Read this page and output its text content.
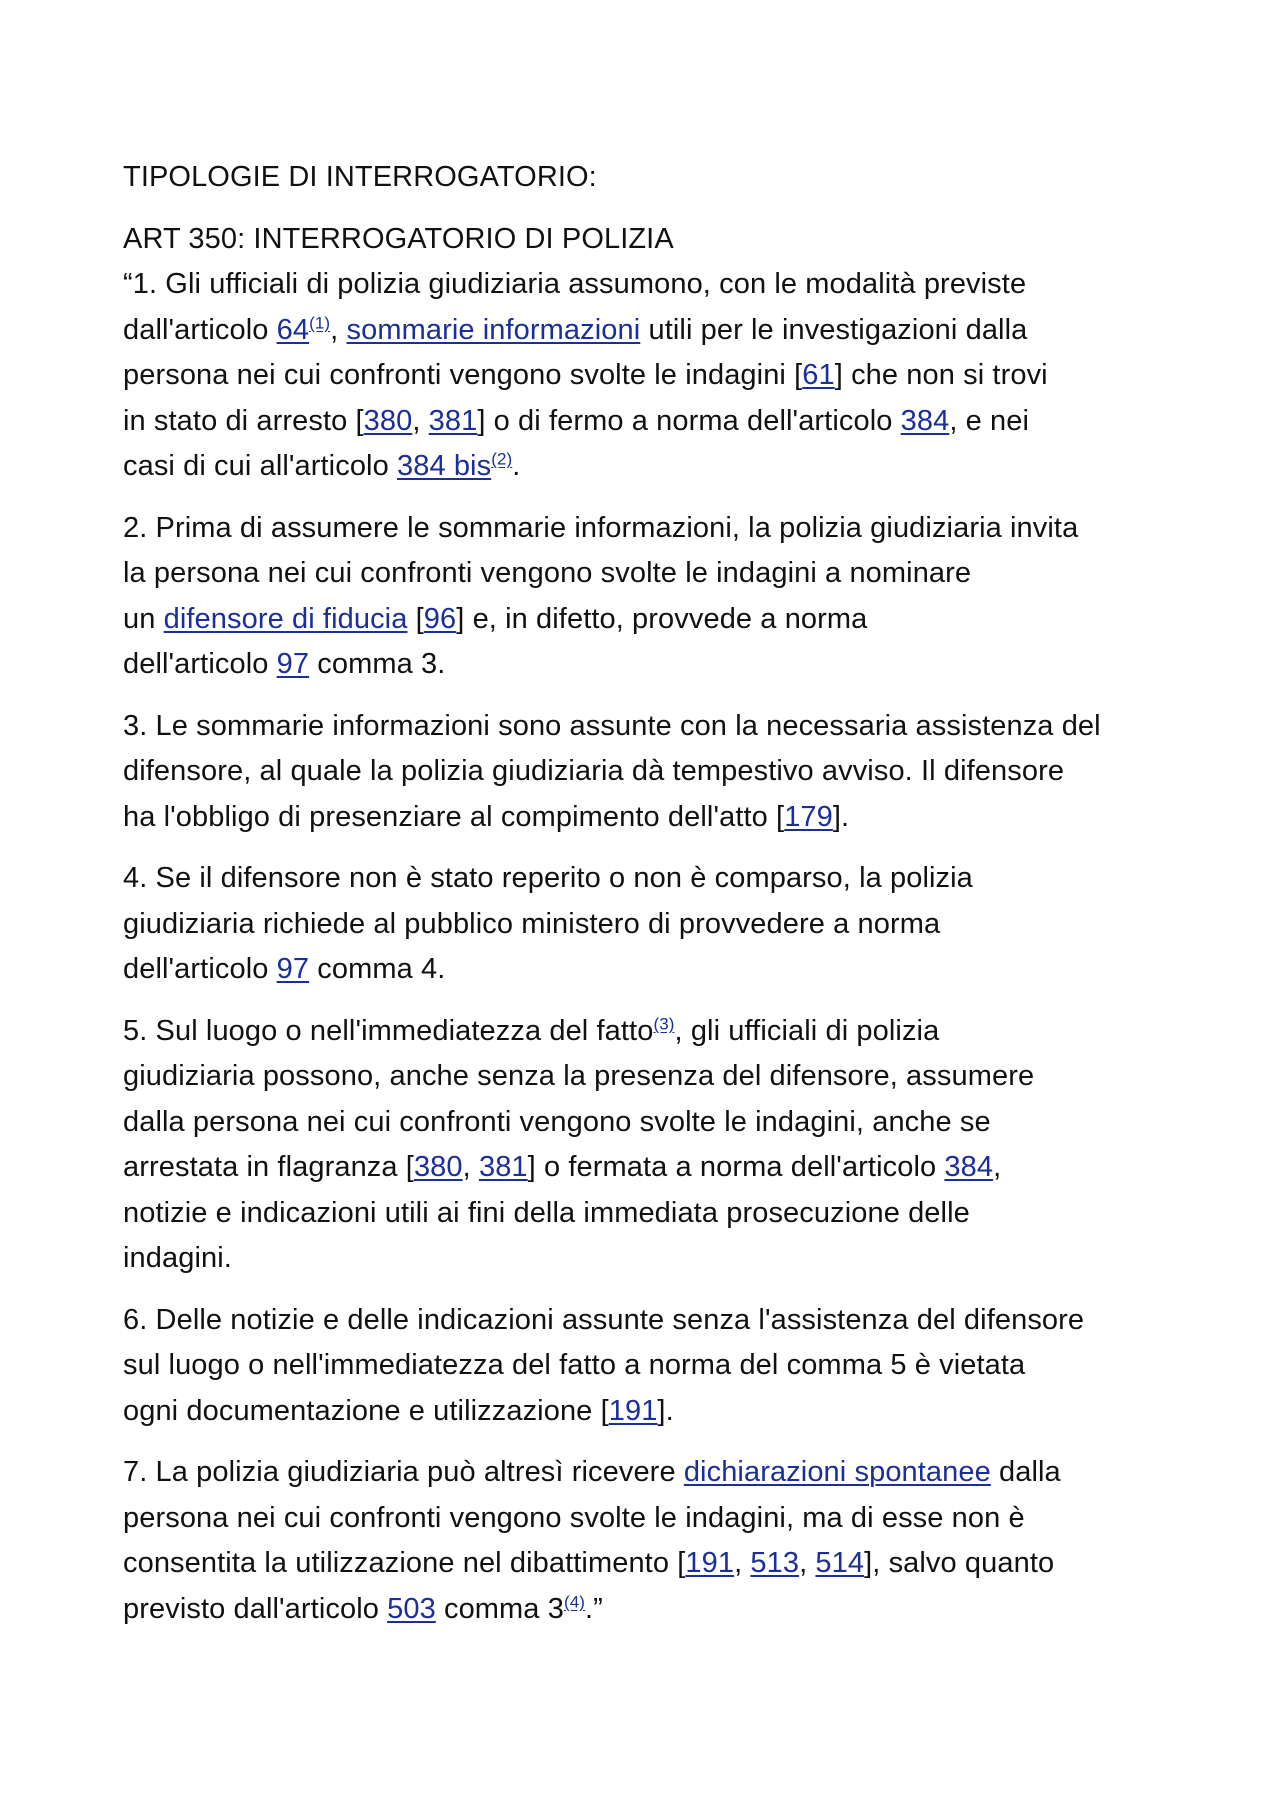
TIPOLOGIE DI INTERROGATORIO:
ART 350: INTERROGATORIO DI POLIZIA
“1. Gli ufficiali di polizia giudiziaria assumono, con le modalità previste
dall'articolo 64$^{(1)}$, sommarie informazioni utili per le investigazioni dalla
persona nei cui confronti vengono svolte le indagini [61] che non si trovi
in stato di arresto [380, 381] o di fermo a norma dell'articolo 384, e nei
casi di cui all'articolo 384 bis$^{(2)}$.
2. Prima di assumere le sommarie informazioni, la polizia giudiziaria invita
la persona nei cui confronti vengono svolte le indagini a nominare
un difensore di fiducia [96] e, in difetto, provvede a norma
dell'articolo 97 comma 3.
3. Le sommarie informazioni sono assunte con la necessaria assistenza del
difensore, al quale la polizia giudiziaria dà tempestivo avviso. Il difensore
ha l'obbligo di presenziare al compimento dell'atto [179].
4. Se il difensore non è stato reperito o non è comparso, la polizia
giudiziaria richiede al pubblico ministero di provvedere a norma
dell'articolo 97 comma 4.
5. Sul luogo o nell'immediatezza del fatto$^{(3)}$, gli ufficiali di polizia
giudiziaria possono, anche senza la presenza del difensore, assumere
dalla persona nei cui confronti vengono svolte le indagini, anche se
arrestata in flagranza [380, 381] o fermata a norma dell'articolo 384,
notizie e indicazioni utili ai fini della immediata prosecuzione delle
indagini.
6. Delle notizie e delle indicazioni assunte senza l'assistenza del difensore
sul luogo o nell'immediatezza del fatto a norma del comma 5 è vietata
ogni documentazione e utilizzazione [191].
7. La polizia giudiziaria può altresì ricevere dichiarazioni spontanee dalla
persona nei cui confronti vengono svolte le indagini, ma di esse non è
consentita la utilizzazione nel dibattimento [191, 513, 514], salvo quanto
previsto dall'articolo 503 comma 3$^{(4)}$.”
